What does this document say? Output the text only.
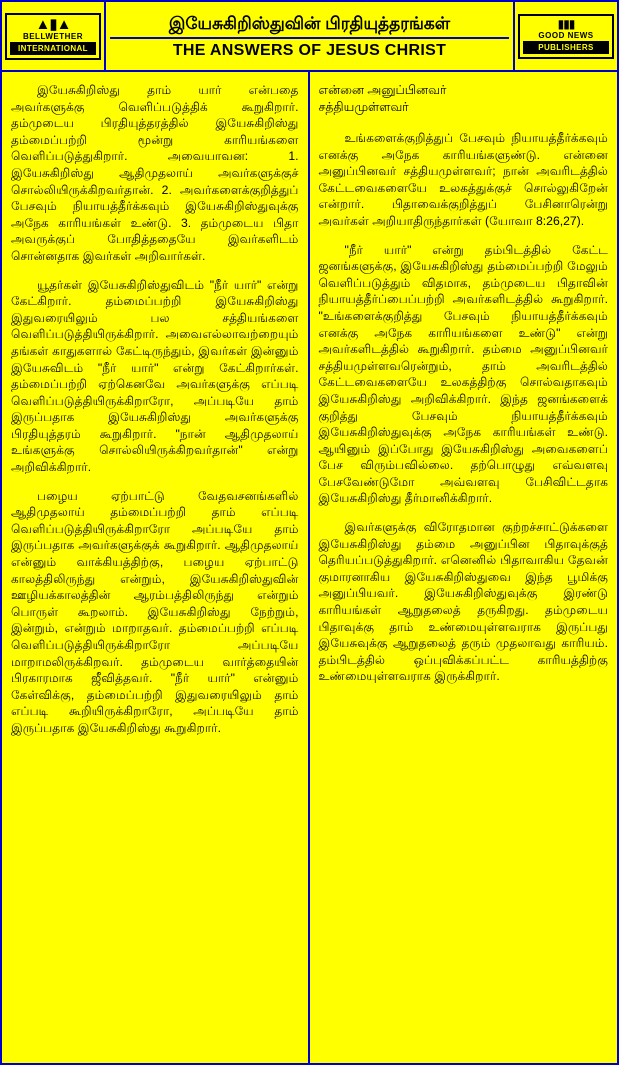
▲▮▲
BELLWETHER
INTERNATIONAL
இயேசுகிறிஸ்துவின் பிரதியுத்தரங்கள்
THE ANSWERS OF JESUS CHRIST
▮▮▮
GOOD NEWS
PUBLISHERS

இயேசுகிறிஸ்து தாம் யார் என்பதை அவர்களுக்கு வெளிப்படுத்திக் கூறுகிறார். தம்முடைய பிரதியுத்தரத்தில் இயேசுகிறிஸ்து தம்மைப்பற்றி மூன்று காரியங்களை வெளிப்படுத்துகிறார். அவையாவன: 1. இயேசுகிறிஸ்து ஆதிமுதலாய் அவர்களுக்குச் சொல்லியிருக்கிறவர்தான். 2. அவர்களைக்குறித்துப் பேசவும் நியாயத்தீர்க்கவும் இயேசுகிறிஸ்துவுக்கு அநேக காரியங்கள் உண்டு. 3. தம்முடைய பிதா அவருக்குப் போதித்ததையே இவர்களிடம் சொன்னதாக இவர்கள் அறிவார்கள்.

யூதர்கள் இயேசுகிறிஸ்துவிடம் "நீர் யார்" என்று கேட்கிறார். தம்மைப்பற்றி இயேசுகிறிஸ்து இதுவரையிலும் பல சத்தியங்களை வெளிப்படுத்தியிருக்கிறார். அவைஎல்லாவற்றையும் தங்கள் காதுகளால் கேட்டிருந்தும், இவர்கள் இன்னும் இயேசுவிடம் "நீர் யார்" என்று கேட்கிறார்கள். தம்மைப்பற்றி ஏற்கெனவே அவர்களுக்கு எப்படி வெளிப்படுத்தியிருக்கிறாரோ, அப்படியே தாம் இருப்பதாக இயேசுகிறிஸ்து அவர்களுக்கு பிரதியுத்தரம் கூறுகிறார். "நான் ஆதிமுதலாய் உங்களுக்கு சொல்லியிருக்கிறவர்தான்" என்று அறிவிக்கிறார்.

பழைய ஏற்பாட்டு வேதவசனங்களில் ஆதிமுதலாய் தம்மைப்பற்றி தாம் எப்படி வெளிப்படுத்தியிருக்கிறாரோ அப்படியே தாம் இருப்பதாக அவர்களுக்குக் கூறுகிறார். ஆதிமுதலாய் என்னும் வாக்கியத்திற்கு, பழைய ஏற்பாட்டு காலத்திலிருந்து என்றும், இயேசுகிறிஸ்துவின் ஊழியக்காலத்தின் ஆரம்பத்திலிருந்து என்றும் பொருள் கூறலாம். இயேசுகிறிஸ்து நேற்றும், இன்றும், என்றும் மாறாதவர். தம்மைப்பற்றி எப்படி வெளிப்படுத்தியிருக்கிறாரோ அப்படியே மாறாமலிருக்கிறவர். தம்முடைய வார்த்தையின் பிரகாரமாக ஜீவித்தவர். "நீர் யார்" என்னும் கேள்விக்கு, தம்மைப்பற்றி இதுவரையிலும் தாம் எப்படி கூறியிருக்கிறாரோ, அப்படியே தாம் இருப்பதாக இயேசுகிறிஸ்து கூறுகிறார்.

என்னை அனுப்பினவர்
சத்தியமுள்ளவர்

உங்களைக்குறித்துப் பேசவும் நியாயத்தீர்க்கவும் எனக்கு அநேக காரியங்களுண்டு. என்னை அனுப்பினவர் சத்தியமுள்ளவர்; நான் அவரிடத்தில் கேட்டவைகளையே உலகத்துக்குச் சொல்லுகிறேன் என்றார். பிதாவைக்குறித்துப் பேசினாரென்று அவர்கள் அறியாதிருந்தார்கள் (யோவா 8:26,27).

"நீர் யார்" என்று தம்பிடத்தில் கேட்ட ஜனங்களுக்கு, இயேசுகிறிஸ்து தம்மைப்பற்றி மேலும் வெளிப்படுத்தும் விதமாக, தம்முடைய பிதாவின் நியாயத்தீர்ப்பைப்பற்றி அவர்களிடத்தில் கூறுகிறார். "உங்களைக்குறித்து பேசவும் நியாயத்தீர்க்கவும் எனக்கு அநேக காரியங்களை உண்டு" என்று அவர்களிடத்தில் கூறுகிறார். தம்மை அனுப்பினவர் சத்தியமுள்ளவரென்றும், தாம் அவரிடத்தில் கேட்டவைகளையே உலகத்திற்கு சொல்வதாகவும் இயேசுகிறிஸ்து அறிவிக்கிறார். இந்த ஜனங்களைக் குறித்து பேசவும் நியாயத்தீர்க்கவும் இயேசுகிறிஸ்துவுக்கு அநேக காரியங்கள் உண்டு. ஆயினும் இப்போது இயேசுகிறிஸ்து அவைகளைப் பேச விரும்பவில்லை. தற்பொழுது எவ்வளவு பேசவேண்டுமோ அவ்வளவு பேசிவிட்டதாக இயேசுகிறிஸ்து தீர்மானிக்கிறார்.

இவர்களுக்கு விரோதமான குற்றச்சாட்டுக்களை இயேசுகிறிஸ்து தம்மை அனுப்பின பிதாவுக்குத் தெரியப்படுத்துகிறார். எனெனில் பிதாவாகிய தேவன் குமாரனாகிய இயேசுகிறிஸ்துவை இந்த பூமிக்கு அனுப்பியவர். இயேசுகிறிஸ்துவுக்கு இரண்டு காரியங்கள் ஆறுதலைத் தருகிறது. தம்முடைய பிதாவுக்கு தாம் உண்மையுள்ளவராக இருப்பது இயேசுவுக்கு ஆறுதலைத் தரும் முதலாவது காரியம். தம்பிடத்தில் ஒப்புவிக்கப்பட்ட காரியத்திற்கு உண்மையுள்ளவராக இருக்கிறார்.
